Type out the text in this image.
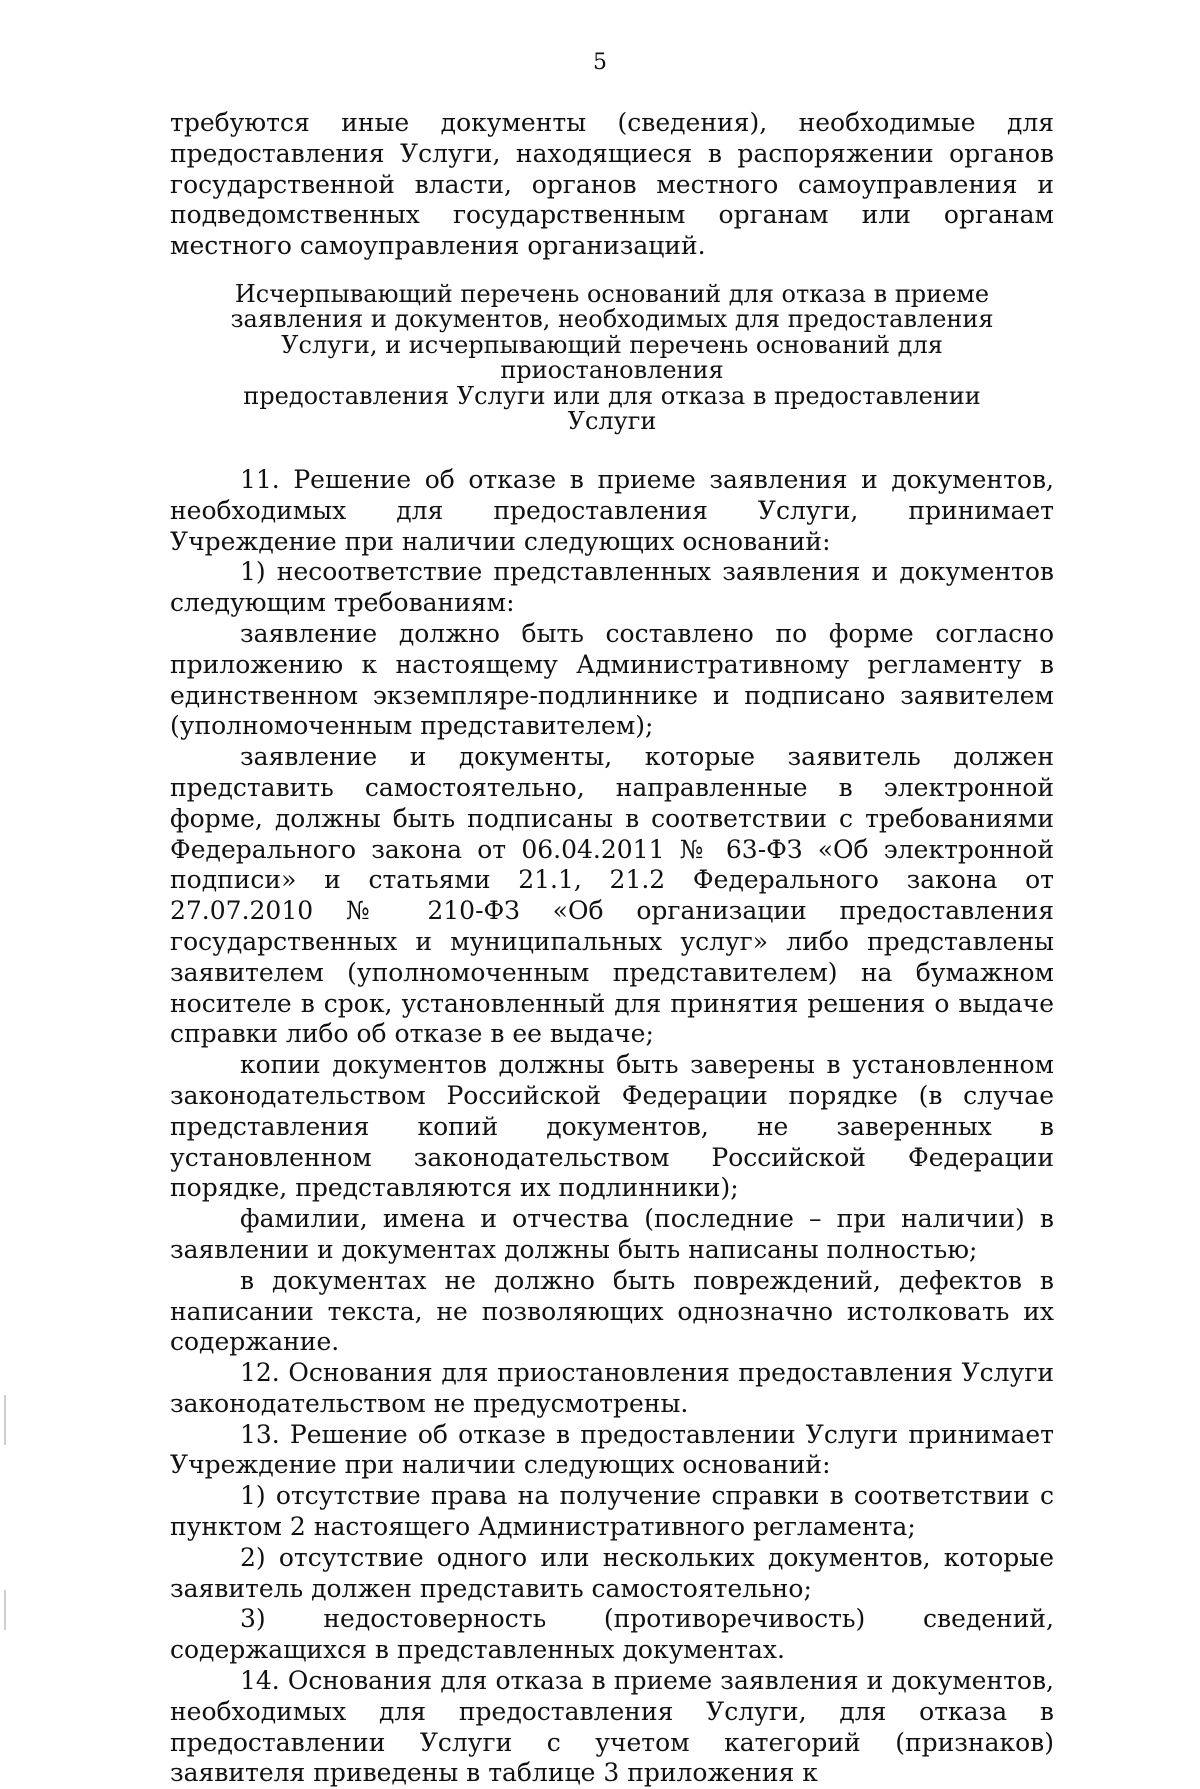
5

требуются иные документы (сведения), необходимые для предоставления Услуги, находящиеся в распоряжении органов государственной власти, органов местного самоуправления и подведомственных государственным органам или органам местного самоуправления организаций.

Исчерпывающий перечень оснований для отказа в приеме
заявления и документов, необходимых для предоставления Услуги, и исчерпывающий перечень оснований для приостановления
предоставления Услуги или для отказа в предоставлении Услуги

11. Решение об отказе в приеме заявления и документов, необходимых для предоставления Услуги, принимает Учреждение при наличии следующих оснований:

1) несоответствие представленных заявления и документов следующим требованиям:

заявление должно быть составлено по форме согласно приложению к настоящему Административному регламенту в единственном экземпляре-подлиннике и подписано заявителем (уполномоченным представителем);

заявление и документы, которые заявитель должен представить самостоятельно, направленные в электронной форме, должны быть подписаны в соответствии с требованиями Федерального закона от 06.04.2011 № 63-ФЗ «Об электронной подписи» и статьями 21.1, 21.2 Федерального закона от 27.07.2010 № 210-ФЗ «Об организации предоставления государственных и муниципальных услуг» либо представлены заявителем (уполномоченным представителем) на бумажном носителе в срок, установленный для принятия решения о выдаче справки либо об отказе в ее выдаче;

копии документов должны быть заверены в установленном законодательством Российской Федерации порядке (в случае представления копий документов, не заверенных в установленном законодательством Российской Федерации порядке, представляются их подлинники);

фамилии, имена и отчества (последние – при наличии) в заявлении и документах должны быть написаны полностью;

в документах не должно быть повреждений, дефектов в написании текста, не позволяющих однозначно истолковать их содержание.

12. Основания для приостановления предоставления Услуги законодательством не предусмотрены.

13. Решение об отказе в предоставлении Услуги принимает Учреждение при наличии следующих оснований:

1) отсутствие права на получение справки в соответствии с пунктом 2 настоящего Административного регламента;

2) отсутствие одного или нескольких документов, которые заявитель должен представить самостоятельно;

3) недостоверность (противоречивость) сведений, содержащихся в представленных документах.

14. Основания для отказа в приеме заявления и документов, необходимых для предоставления Услуги, для отказа в предоставлении Услуги с учетом категорий (признаков) заявителя приведены в таблице 3 приложения к
